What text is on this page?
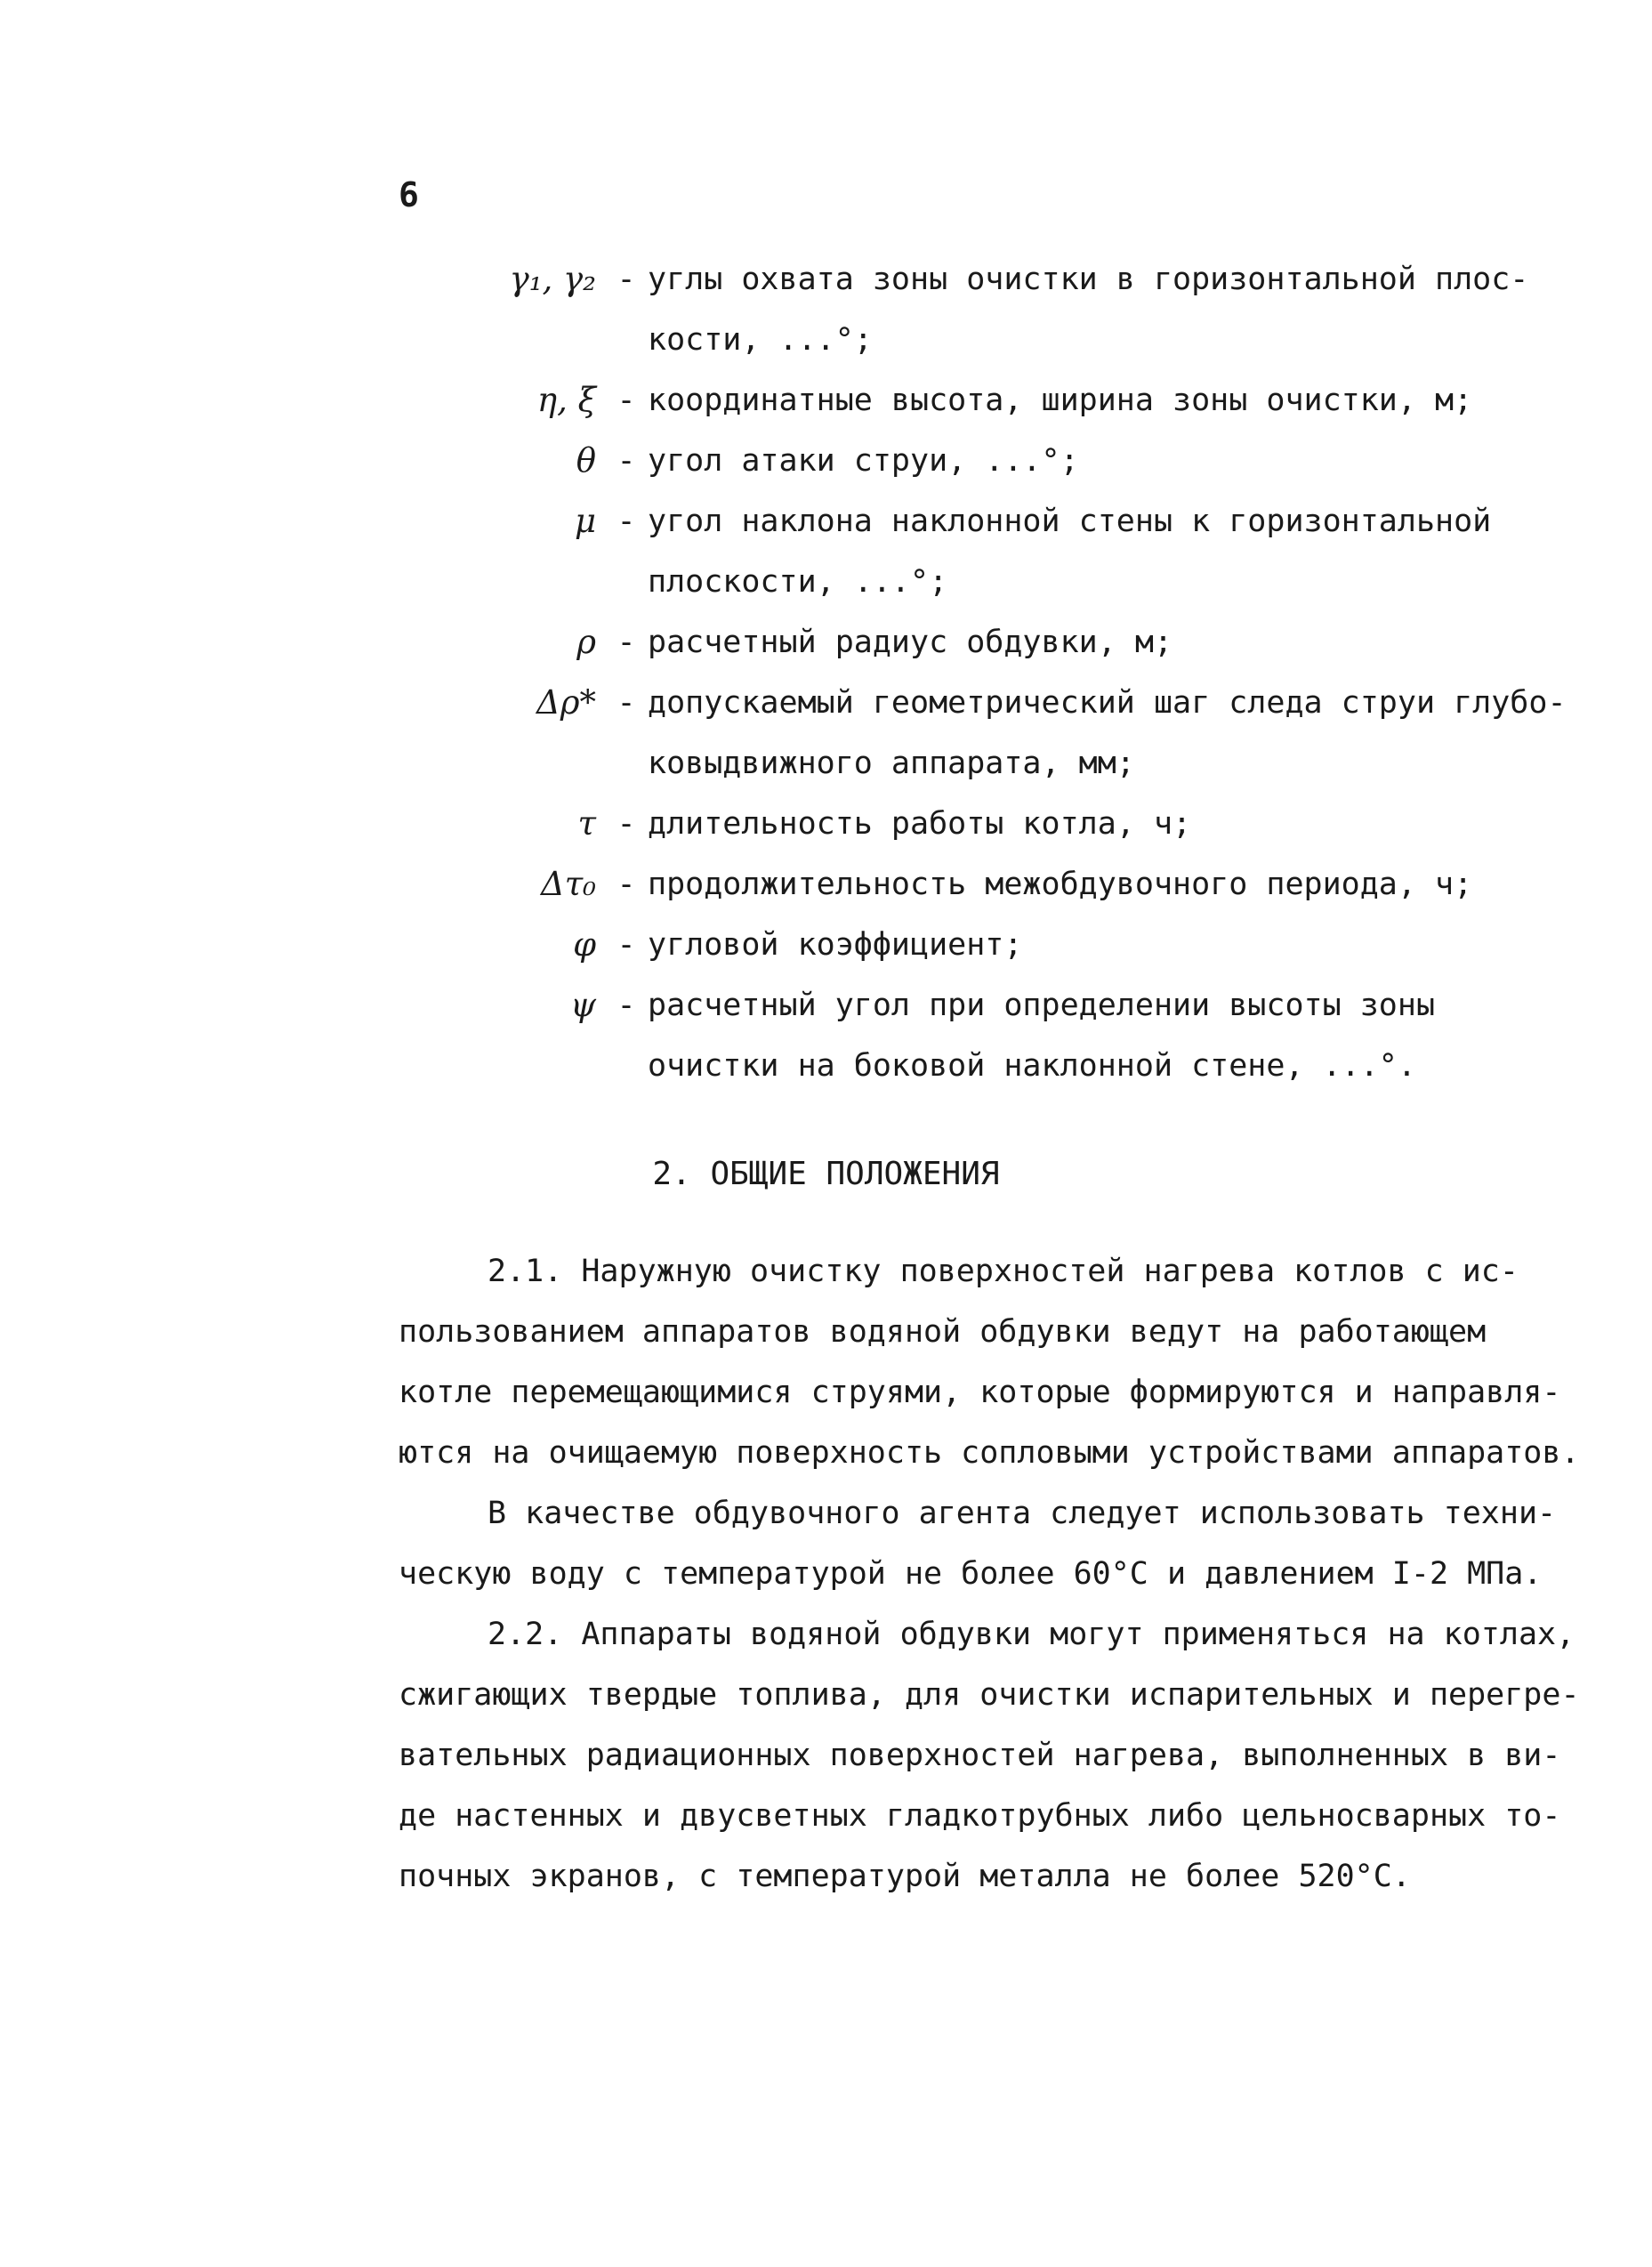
6
γ₁, γ₂ - углы охвата зоны очистки в горизонтальной плос-
кости, ...°;
η, ξ - координатные высота, ширина зоны очистки, м;
θ - угол атаки струи, ...°;
μ - угол наклона наклонной стены к горизонтальной
плоскости, ...°;
ρ - расчетный радиус обдувки, м;
Δρ* - допускаемый геометрический шаг следа струи глубо-
ковыдвижного аппарата, мм;
τ - длительность работы котла, ч;
Δτ₀ - продолжительность межобдувочного периода, ч;
φ - угловой коэффициент;
ψ - расчетный угол при определении высоты зоны
очистки на боковой наклонной стене, ...°.
2. ОБЩИЕ ПОЛОЖЕНИЯ
2.1. Наружную очистку поверхностей нагрева котлов с ис-
пользованием аппаратов водяной обдувки ведут на работающем
котле перемещающимися струями, которые формируются и направля-
ются на очищаемую поверхность сопловыми устройствами аппаратов.
В качестве обдувочного агента следует использовать техни-
ческую воду с температурой не более 60°С и давлением I-2 МПа.
2.2. Аппараты водяной обдувки могут применяться на котлах,
сжигающих твердые топлива, для очистки испарительных и перегре-
вательных радиационных поверхностей нагрева, выполненных в ви-
де настенных и двусветных гладкотрубных либо цельносварных то-
почных экранов, с температурой металла не более 520°С.
